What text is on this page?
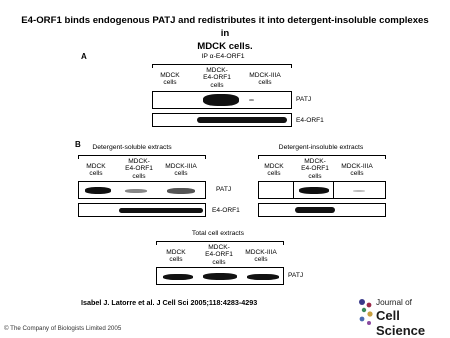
E4-ORF1 binds endogenous PATJ and redistributes it into detergent-insoluble complexes in
MDCK cells.
A	IP α-E4-ORF1
MDCK
cells
MDCK-
E4-ORF1
cells
MDCK-IIIA
cells
PATJ
E4-ORF1
B	Detergent-soluble extracts	Detergent-insoluble extracts
MDCK
cells
MDCK-
E4-ORF1
cells
MDCK-IIIA
cells
MDCK
cells
MDCK-
E4-ORF1
cells
MDCK-IIIA
cells
PATJ
E4-ORF1
Total cell extracts
MDCK
cells
MDCK-
E4-ORF1
cells
MDCK-IIIA
cells
PATJ
Isabel J. Latorre et al. J Cell Sci 2005;118:4283-4293
© The Company of Biologists Limited 2005
Journal of
Cell Science
